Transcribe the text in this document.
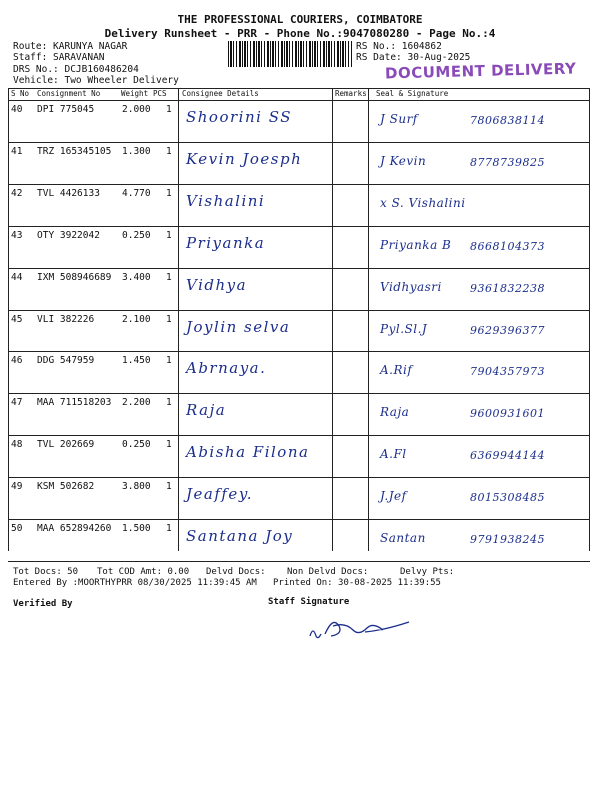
THE PROFESSIONAL COURIERS, COIMBATORE
Delivery Runsheet - PRR - Phone No.:9047080280 - Page No.:4
Route: KARUNYA NAGAR
Staff: SARAVANAN
DRS No.: DCJB160486204
Vehicle: Two Wheeler Delivery
RS No.: 1604862
RS Date: 30-Aug-2025
DOCUMENT DELIVERY
S No Consignment No	Weight PCS Consignee Details	Remarks Seal & Signature
40 DPI 775045	2.000 1 Shoorini SS	J Surf	7806838114
41 TRZ 165345105 1.300 1 Kevin Joesph	J Kevin	8778739825
42 TVL 4426133 4.770 1 Vishalini	x S. Vishalini
43 OTY 3922042 0.250 1 Priyanka	Priyanka B 8668104373
44 IXM 508946689 3.400 1 Vidhya	Vidhyasri	9361832238
45 VLI 382226	2.100 1 Joylin selva	Pyl.Sl.J	9629396377
46 DDG 547959	1.450 1 Abrnaya.	A.Rif	7904357973
47 MAA 711518203 2.200 1 Raja	Raja	9600931601
48 TVL 202669	0.250 1 Abisha Filona	A.Fl	6369944144
49 KSM 502682	3.800 1 Jeaffey.	J.Jef	8015308485
50 MAA 652894260 1.500 1 Santana Joy	Santan	9791938245
Tot Docs: 50 Tot COD Amt: 0.00 Delvd Docs: Non Delvd Docs:	Delvy Pts:
Entered By :MOORTHYPRR 08/30/2025 11:39:45 AM Printed On: 30-08-2025 11:39:55
Verified By	Staff Signature
